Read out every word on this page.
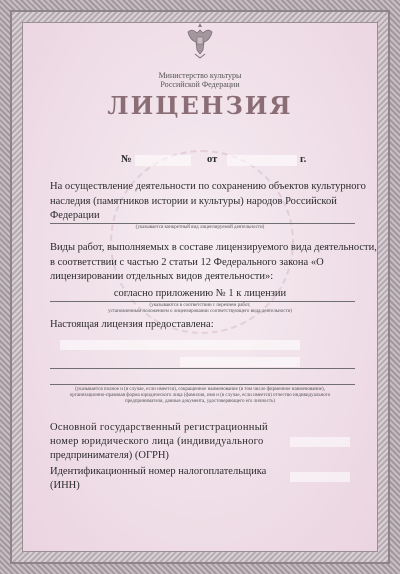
Министерство культуры
Российской Федерации
ЛИЦЕНЗИЯ
№	от	г.
На осуществление деятельности по сохранению объектов культурного
наследия (памятников истории и культуры) народов Российской
Федерации
(указывается конкретный вид лицензируемой деятельности)
Виды работ, выполняемых в составе лицензируемого вида деятельности,
в соответствии с частью 2 статьи 12 Федерального закона «О
лицензировании отдельных видов деятельности»:
согласно приложению № 1 к лицензии
(указываются в соответствии с перечнем работ,
установленным положением о лицензировании соответствующего вида деятельности)
Настоящая лицензия предоставлена:
(указывается полное и (в случае, если имеется), сокращенное наименование (в том числе фирменное наименование),
организационно-правовая форма юридического лица (фамилия, имя и (в случае, если имеется) отчество индивидуального
предпринимателя, данные документа, удостоверяющего его личность)
Основной государственный регистрационный
номер юридического лица (индивидуального
предпринимателя) (ОГРН)
Идентификационный номер налогоплательщика
(ИНН)
